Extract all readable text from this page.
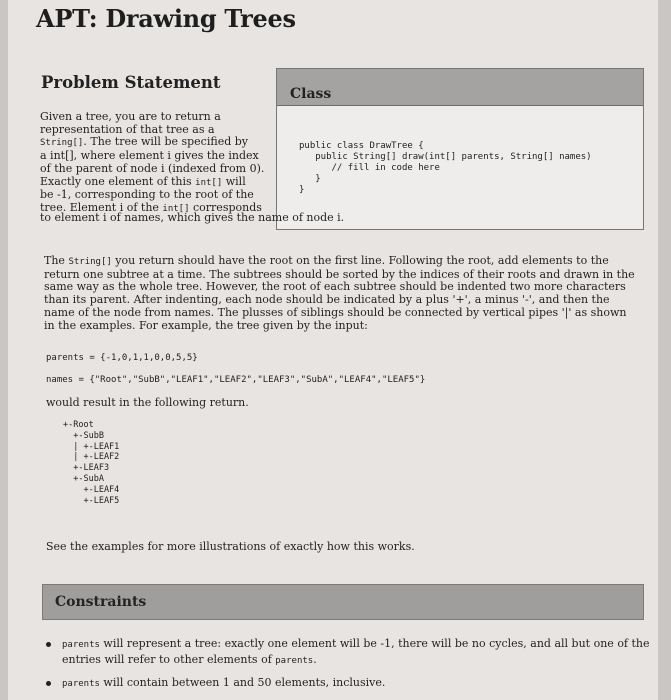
APT: Drawing Trees
Problem Statement
Class
public class DrawTree {
public String[] draw(int[] parents, String[] names)
// fill in code here
}
}
Given a tree, you are to return a
representation of that tree as a
String[]. The tree will be specified by
a int[], where element i gives the index
of the parent of node i (indexed from 0).
Exactly one element of this int[] will
be -1, corresponding to the root of the
tree. Element i of the int[] corresponds
to element i of names, which gives the name of node i.

The String[] you return should have the root on the first line. Following the root, add elements to the return one subtree at a time. The subtrees should be sorted by the indices of their roots and drawn in the same way as the whole tree. However, the root of each subtree should be indented two more characters than its parent. After indenting, each node should be indicated by a plus '+', a minus '-', and then the name of the node from names. The plusses of siblings should be connected by vertical pipes '|' as shown in the examples. For example, the tree given by the input:

parents = {-1,0,1,1,0,0,5,5}
names = {"Root","SubB","LEAF1","LEAF2","LEAF3","SubA","LEAF4","LEAF5"}
would result in the following return.
+-Root
+-SubB
| +-LEAF1
| +-LEAF2
+-LEAF3
+-SubA
+-LEAF4
+-LEAF5
See the examples for more illustrations of exactly how this works.
Constraints
parents will represent a tree: exactly one element will be -1, there will be no cycles, and all but one of the entries will refer to other elements of parents.
parents will contain between 1 and 50 elements, inclusive.
